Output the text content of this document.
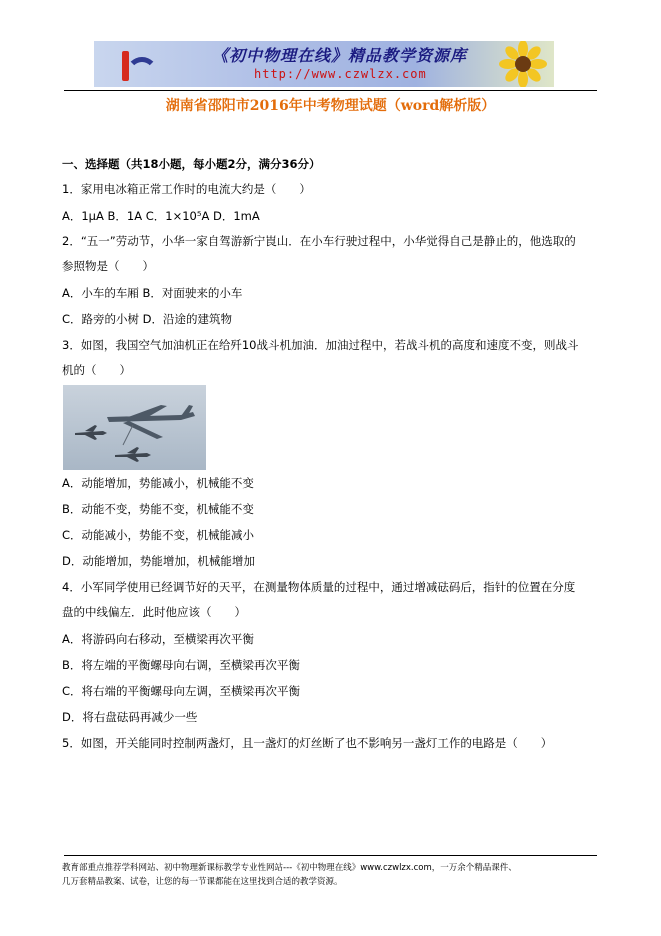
《初中物理在线》精品教学资源库
http://www.czwlzx.com
湖南省邵阳市2016年中考物理试题（word解析版）
一、选择题（共18小题，每小题2分，满分36分）
1．家用电冰箱正常工作时的电流大约是（　　）
A．1μA B．1A C．1×10⁵A D．1mA
2．“五一”劳动节，小华一家自驾游新宁崀山．在小车行驶过程中，小华觉得自己是静止的，他选取的
参照物是（　　）
A．小车的车厢 B．对面驶来的小车
C．路旁的小树 D．沿途的建筑物
3．如图，我国空气加油机正在给歼10战斗机加油．加油过程中，若战斗机的高度和速度不变，则战斗
机的（　　）
A．动能增加，势能减小，机械能不变
B．动能不变，势能不变，机械能不变
C．动能减小，势能不变，机械能减小
D．动能增加，势能增加，机械能增加
4．小军同学使用已经调节好的天平，在测量物体质量的过程中，通过增减砝码后，指针的位置在分度
盘的中线偏左．此时他应该（　　）
A．将游码向右移动，至横梁再次平衡
B．将左端的平衡螺母向右调，至横梁再次平衡
C．将右端的平衡螺母向左调，至横梁再次平衡
D．将右盘砝码再减少一些
5．如图，开关能同时控制两盏灯，且一盏灯的灯丝断了也不影响另一盏灯工作的电路是（　　）
教育部重点推荐学科网站、初中物理新课标教学专业性网站---《初中物理在线》www.czwlzx.com，一万余个精品课件、
几万套精品教案、试卷，让您的每一节课都能在这里找到合适的教学资源。
